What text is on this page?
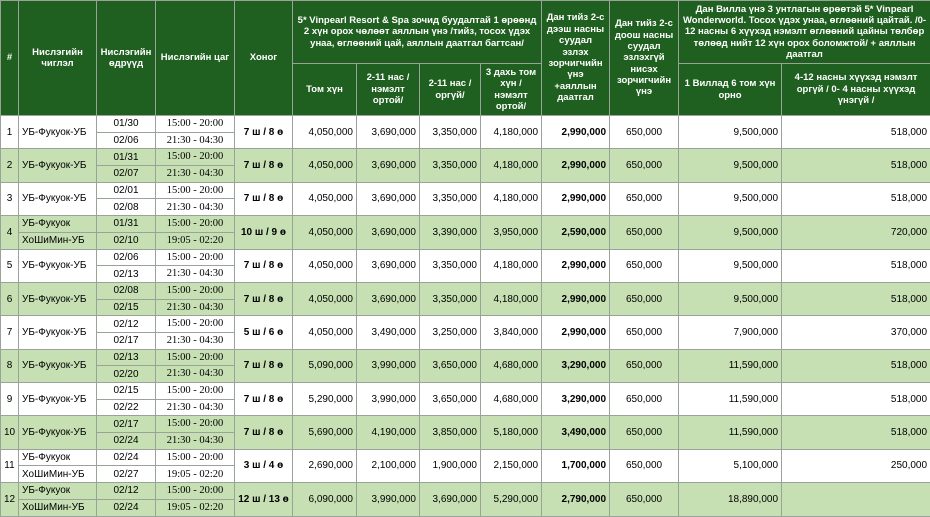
#	Нислэгийн чиглэл	Нислэгийн өдрүүд	Нислэгийн цаг	Хоног	5* Vinpearl Resort & Spa зочид буудалтай 1 өрөөнд 2 хүн орох чөлөөт аяллын үнэ /тийз, тосох үдэх унаа, өглөөний цай, аяллын даатгал багтсан/				Дан тийз 2-с дээш насны суудал эзлэх зорчигчийн үнэ +аяллын даатгал	Дан тийз 2-с доош насны суудал эзлэхгүй нисэх зорчигчийн үнэ	Дан Вилла үнэ 3 унтлагын өрөөтэй 5* Vinpearl Wonderworld. Тосох үдэх унаа, өглөөний цайтай. /0-12 насны 6 хүүхэд нэмэлт өглөөний цайны төлбөр төлөөд нийт 12 хүн орох боломжтой/ + аяллын даатгал	
					Том хүн	2-11 нас /нэмэлт ортой/	2-11 нас /оргүй/	3 дахь том хүн /нэмэлт ортой/			1 Виллад 6 том хүн орно	4-12 насны хүүхэд нэмэлт оргүй / 0- 4 насны хүүхэд үнэгүй /
1	УБ-Фукуок-УБ	01/30	15:00 - 20:00	7 ш / 8 ө	4,050,000	3,690,000	3,350,000	4,180,000	2,990,000	650,000	9,500,000	518,000
		02/06	21:30 - 04:30									
2	УБ-Фукуок-УБ	01/31	15:00 - 20:00	7 ш / 8 ө	4,050,000	3,690,000	3,350,000	4,180,000	2,990,000	650,000	9,500,000	518,000
		02/07	21:30 - 04:30									
3	УБ-Фукуок-УБ	02/01	15:00 - 20:00	7 ш / 8 ө	4,050,000	3,690,000	3,350,000	4,180,000	2,990,000	650,000	9,500,000	518,000
		02/08	21:30 - 04:30									
4	УБ-Фукуок	01/31	15:00 - 20:00	10 ш / 9 ө	4,050,000	3,690,000	3,390,000	3,950,000	2,590,000	650,000	9,500,000	720,000
	ХоШиМин-УБ	02/10	19:05 - 02:20									
5	УБ-Фукуок-УБ	02/06	15:00 - 20:00	7 ш / 8 ө	4,050,000	3,690,000	3,350,000	4,180,000	2,990,000	650,000	9,500,000	518,000
		02/13	21:30 - 04:30									
6	УБ-Фукуок-УБ	02/08	15:00 - 20:00	7 ш / 8 ө	4,050,000	3,690,000	3,350,000	4,180,000	2,990,000	650,000	9,500,000	518,000
		02/15	21:30 - 04:30									
7	УБ-Фукуок-УБ	02/12	15:00 - 20:00	5 ш / 6 ө	4,050,000	3,490,000	3,250,000	3,840,000	2,990,000	650,000	7,900,000	370,000
		02/17	21:30 - 04:30									
8	УБ-Фукуок-УБ	02/13	15:00 - 20:00	7 ш / 8 ө	5,090,000	3,990,000	3,650,000	4,680,000	3,290,000	650,000	11,590,000	518,000
		02/20	21:30 - 04:30									
9	УБ-Фукуок-УБ	02/15	15:00 - 20:00	7 ш / 8 ө	5,290,000	3,990,000	3,650,000	4,680,000	3,290,000	650,000	11,590,000	518,000
		02/22	21:30 - 04:30									
10	УБ-Фукуок-УБ	02/17	15:00 - 20:00	7 ш / 8 ө	5,690,000	4,190,000	3,850,000	5,180,000	3,490,000	650,000	11,590,000	518,000
		02/24	21:30 - 04:30									
11	УБ-Фукуок	02/24	15:00 - 20:00	3 ш / 4 ө	2,690,000	2,100,000	1,900,000	2,150,000	1,700,000	650,000	5,100,000	250,000
	ХоШиМин-УБ	02/27	19:05 - 02:20									
12	УБ-Фукуок	02/12	15:00 - 20:00	12 ш / 13 ө	6,090,000	3,990,000	3,690,000	5,290,000	2,790,000	650,000	18,890,000	
	ХоШиМин-УБ	02/24	19:05 - 02:20									
